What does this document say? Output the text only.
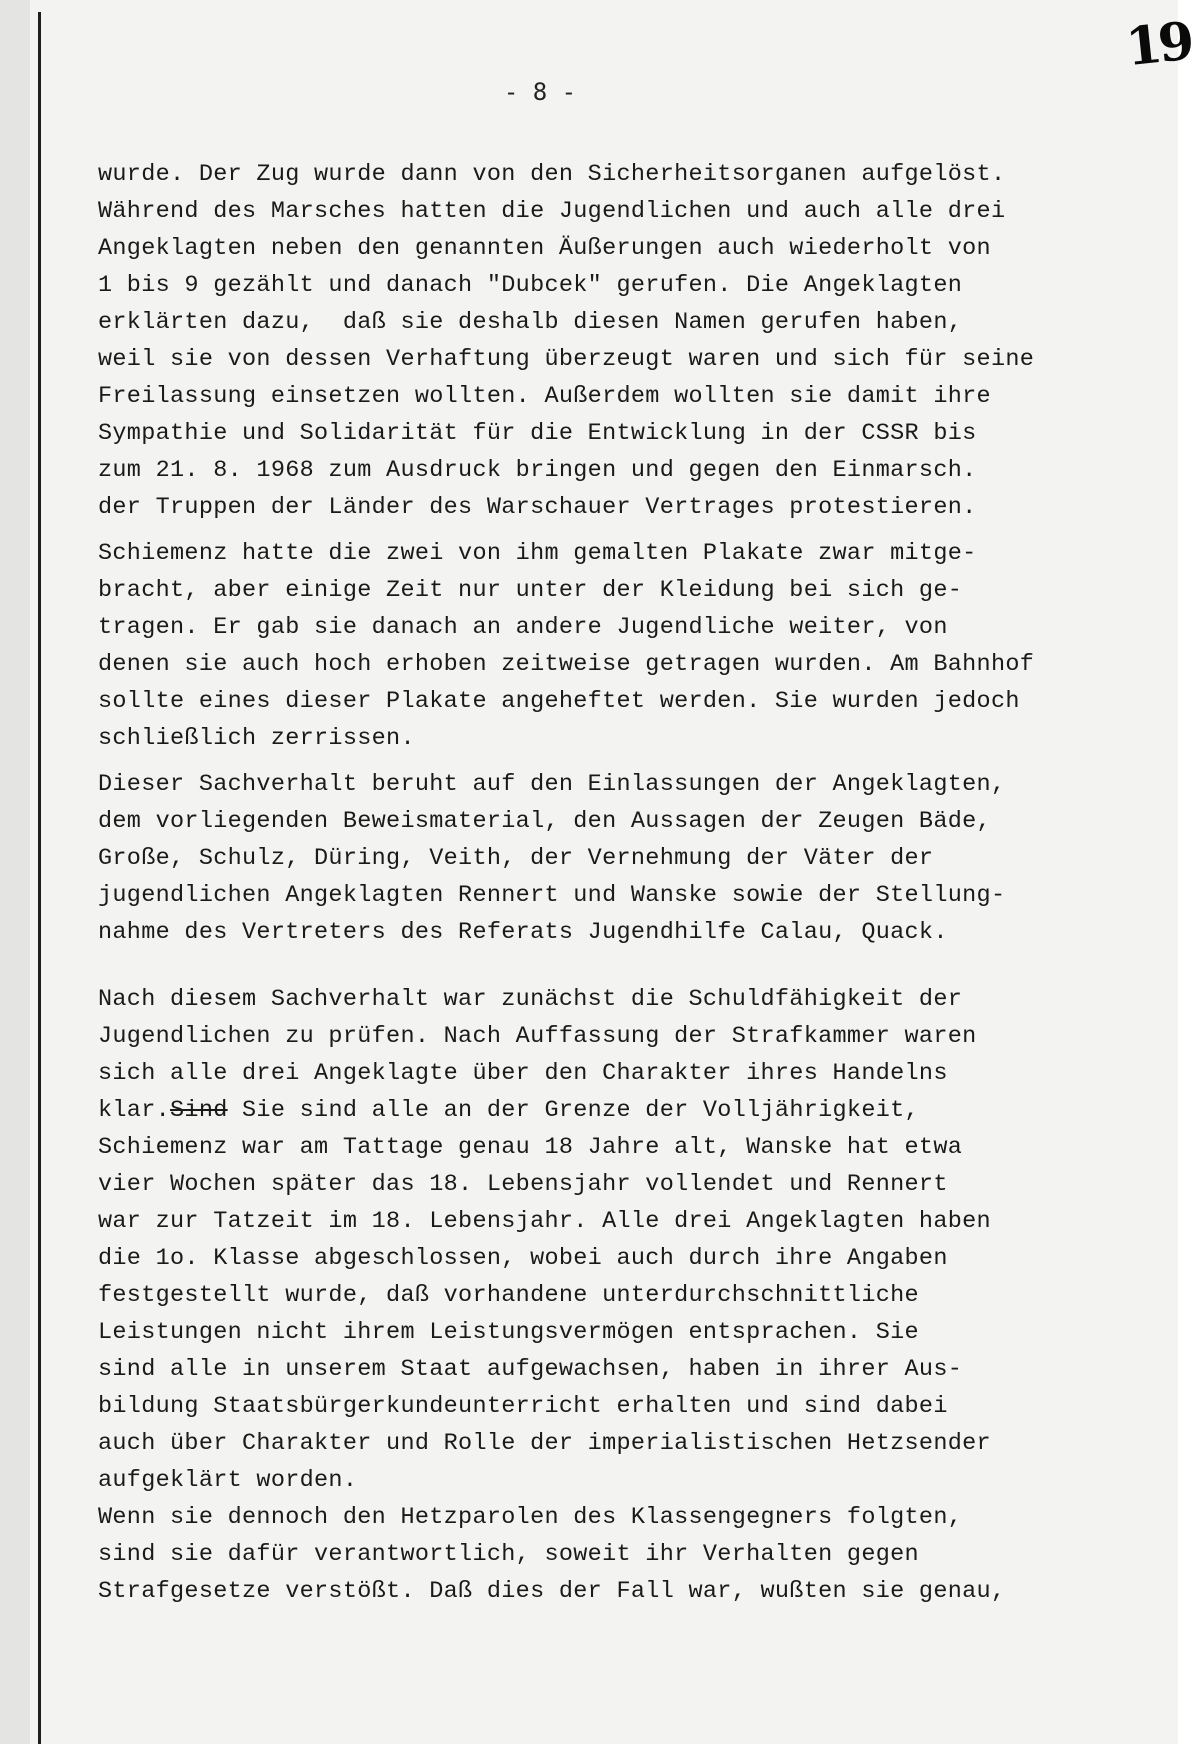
19
- 8 -
wurde. Der Zug wurde dann von den Sicherheitsorganen aufgelöst.
Während des Marsches hatten die Jugendlichen und auch alle drei
Angeklagten neben den genannten Äußerungen auch wiederholt von
1 bis 9 gezählt und danach "Dubcek" gerufen. Die Angeklagten
erklärten dazu,  daß sie deshalb diesen Namen gerufen haben,
weil sie von dessen Verhaftung überzeugt waren und sich für seine
Freilassung einsetzen wollten. Außerdem wollten sie damit ihre
Sympathie und Solidarität für die Entwicklung in der CSSR bis
zum 21. 8. 1968 zum Ausdruck bringen und gegen den Einmarsch.
der Truppen der Länder des Warschauer Vertrages protestieren.
Schiemenz hatte die zwei von ihm gemalten Plakate zwar mitge-
bracht, aber einige Zeit nur unter der Kleidung bei sich ge-
tragen. Er gab sie danach an andere Jugendliche weiter, von
denen sie auch hoch erhoben zeitweise getragen wurden. Am Bahnhof
sollte eines dieser Plakate angeheftet werden. Sie wurden jedoch
schließlich zerrissen.
Dieser Sachverhalt beruht auf den Einlassungen der Angeklagten,
dem vorliegenden Beweismaterial, den Aussagen der Zeugen Bäde,
Große, Schulz, Düring, Veith, der Vernehmung der Väter der
jugendlichen Angeklagten Rennert und Wanske sowie der Stellung-
nahme des Vertreters des Referats Jugendhilfe Calau, Quack.
Nach diesem Sachverhalt war zunächst die Schuldfähigkeit der
Jugendlichen zu prüfen. Nach Auffassung der Strafkammer waren
sich alle drei Angeklagte über den Charakter ihres Handelns
klar.Sind Sie sind alle an der Grenze der Volljährigkeit,
Schiemenz war am Tattage genau 18 Jahre alt, Wanske hat etwa
vier Wochen später das 18. Lebensjahr vollendet und Rennert
war zur Tatzeit im 18. Lebensjahr. Alle drei Angeklagten haben
die 1o. Klasse abgeschlossen, wobei auch durch ihre Angaben
festgestellt wurde, daß vorhandene unterdurchschnittliche
Leistungen nicht ihrem Leistungsvermögen entsprachen. Sie
sind alle in unserem Staat aufgewachsen, haben in ihrer Aus-
bildung Staatsbürgerkundeunterricht erhalten und sind dabei
auch über Charakter und Rolle der imperialistischen Hetzsender
aufgeklärt worden.
Wenn sie dennoch den Hetzparolen des Klassengegners folgten,
sind sie dafür verantwortlich, soweit ihr Verhalten gegen
Strafgesetze verstößt. Daß dies der Fall war, wußten sie genau,
